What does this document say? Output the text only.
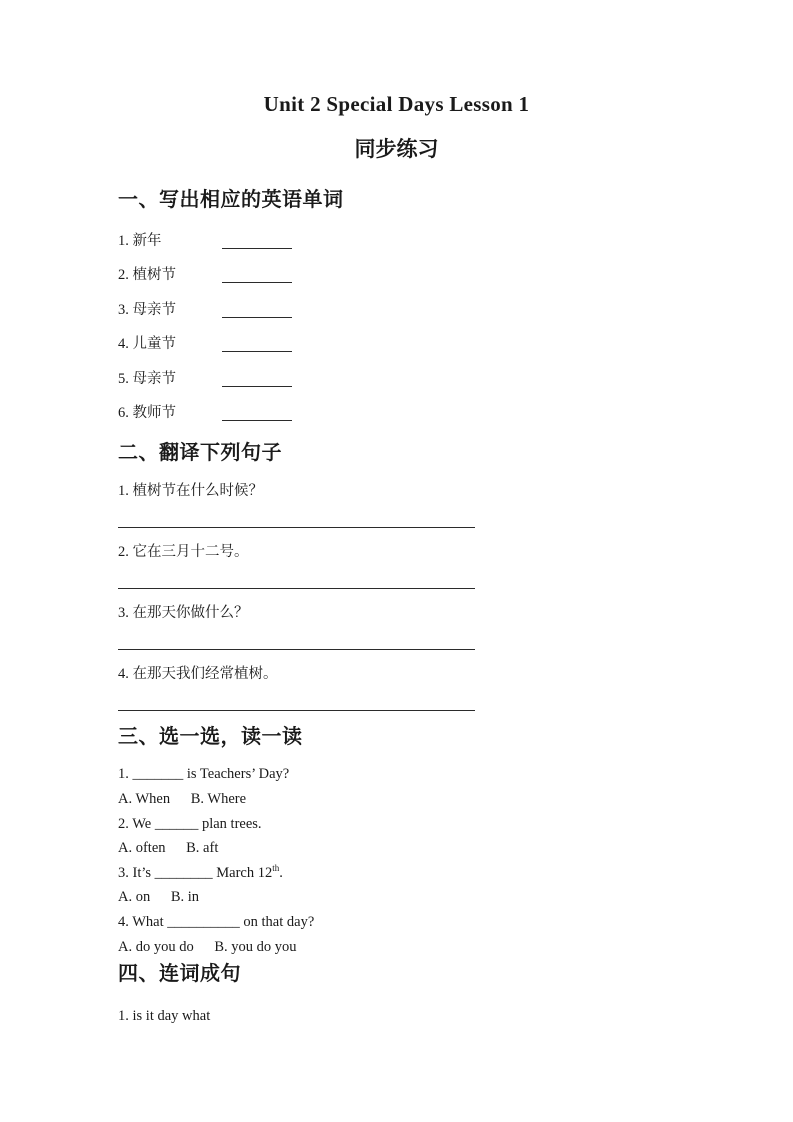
Unit 2 Special Days Lesson 1
同步练习
一、写出相应的英语单词
1. 新年
2. 植树节
3. 母亲节
4. 儿童节
5. 母亲节
6. 教师节
二、翻译下列句子
1. 植树节在什么时候？
2. 它在三月十二号。
3. 在那天你做什么？
4. 在那天我们经常植树。
三、选一选，读一读
1. _______ is Teachers’ Day?
A. When B. Where
2. We ______ plan trees.
A. often B. aft
3. It’s ________ March 12th.
A. on B. in
4. What __________ on that day?
A. do you do B. you do you
四、连词成句
1. is it day what
